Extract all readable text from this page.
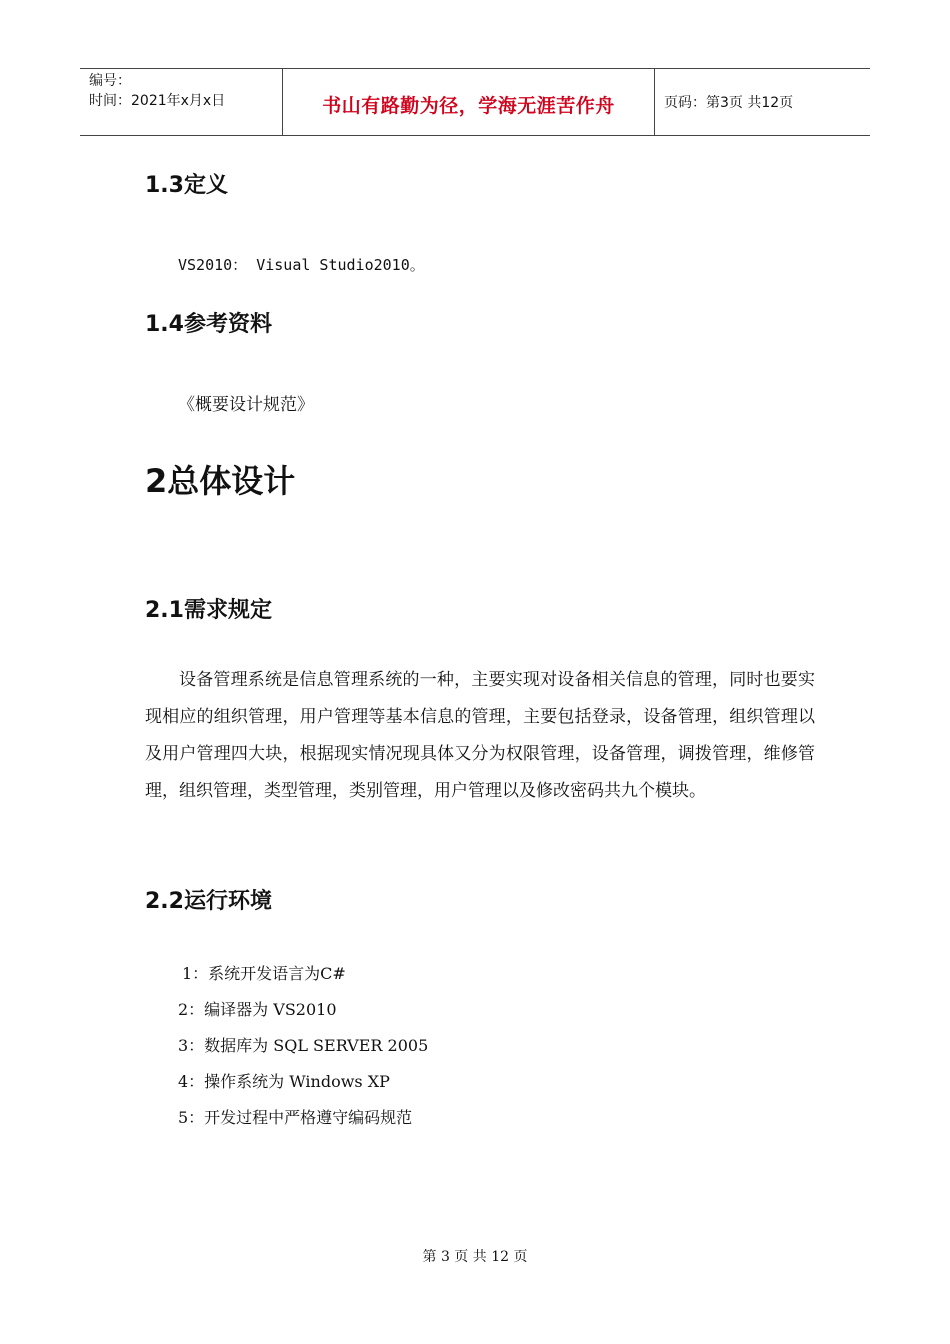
编号：
时间：2021年x月x日	书山有路勤为径，学海无涯苦作舟	页码：第3页 共12页
1.3定义
VS2010： Visual Studio2010。
1.4参考资料
《概要设计规范》
2总体设计
2.1需求规定
设备管理系统是信息管理系统的一种，主要实现对设备相关信息的管理，同时也要实现相应的组织管理，用户管理等基本信息的管理，主要包括登录，设备管理，组织管理以及用户管理四大块，根据现实情况现具体又分为权限管理，设备管理，调拨管理，维修管理，组织管理，类型管理，类别管理，用户管理以及修改密码共九个模块。
2.2运行环境
1：系统开发语言为C#
2：编译器为 VS2010
3：数据库为 SQL SERVER 2005
4：操作系统为 Windows XP
5：开发过程中严格遵守编码规范
第 3 页 共 12 页
